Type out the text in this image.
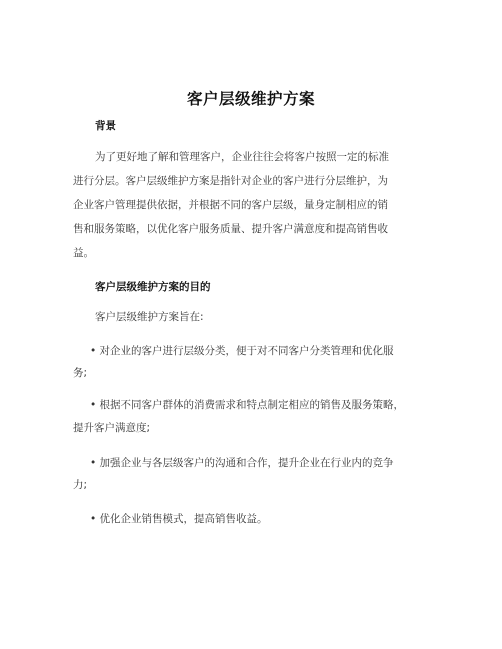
客户层级维护方案
背景
为了更好地了解和管理客户，企业往往会将客户按照一定的标准
进行分层。客户层级维护方案是指针对企业的客户进行分层维护，为
企业客户管理提供依据，并根据不同的客户层级，量身定制相应的销
售和服务策略，以优化客户服务质量、提升客户满意度和提高销售收
益。
客户层级维护方案的目的
客户层级维护方案旨在:
• 对企业的客户进行层级分类，便于对不同客户分类管理和优化服
务;
• 根据不同客户群体的消费需求和特点制定相应的销售及服务策略，
提升客户满意度;
• 加强企业与各层级客户的沟通和合作，提升企业在行业内的竞争
力;
• 优化企业销售模式，提高销售收益。
